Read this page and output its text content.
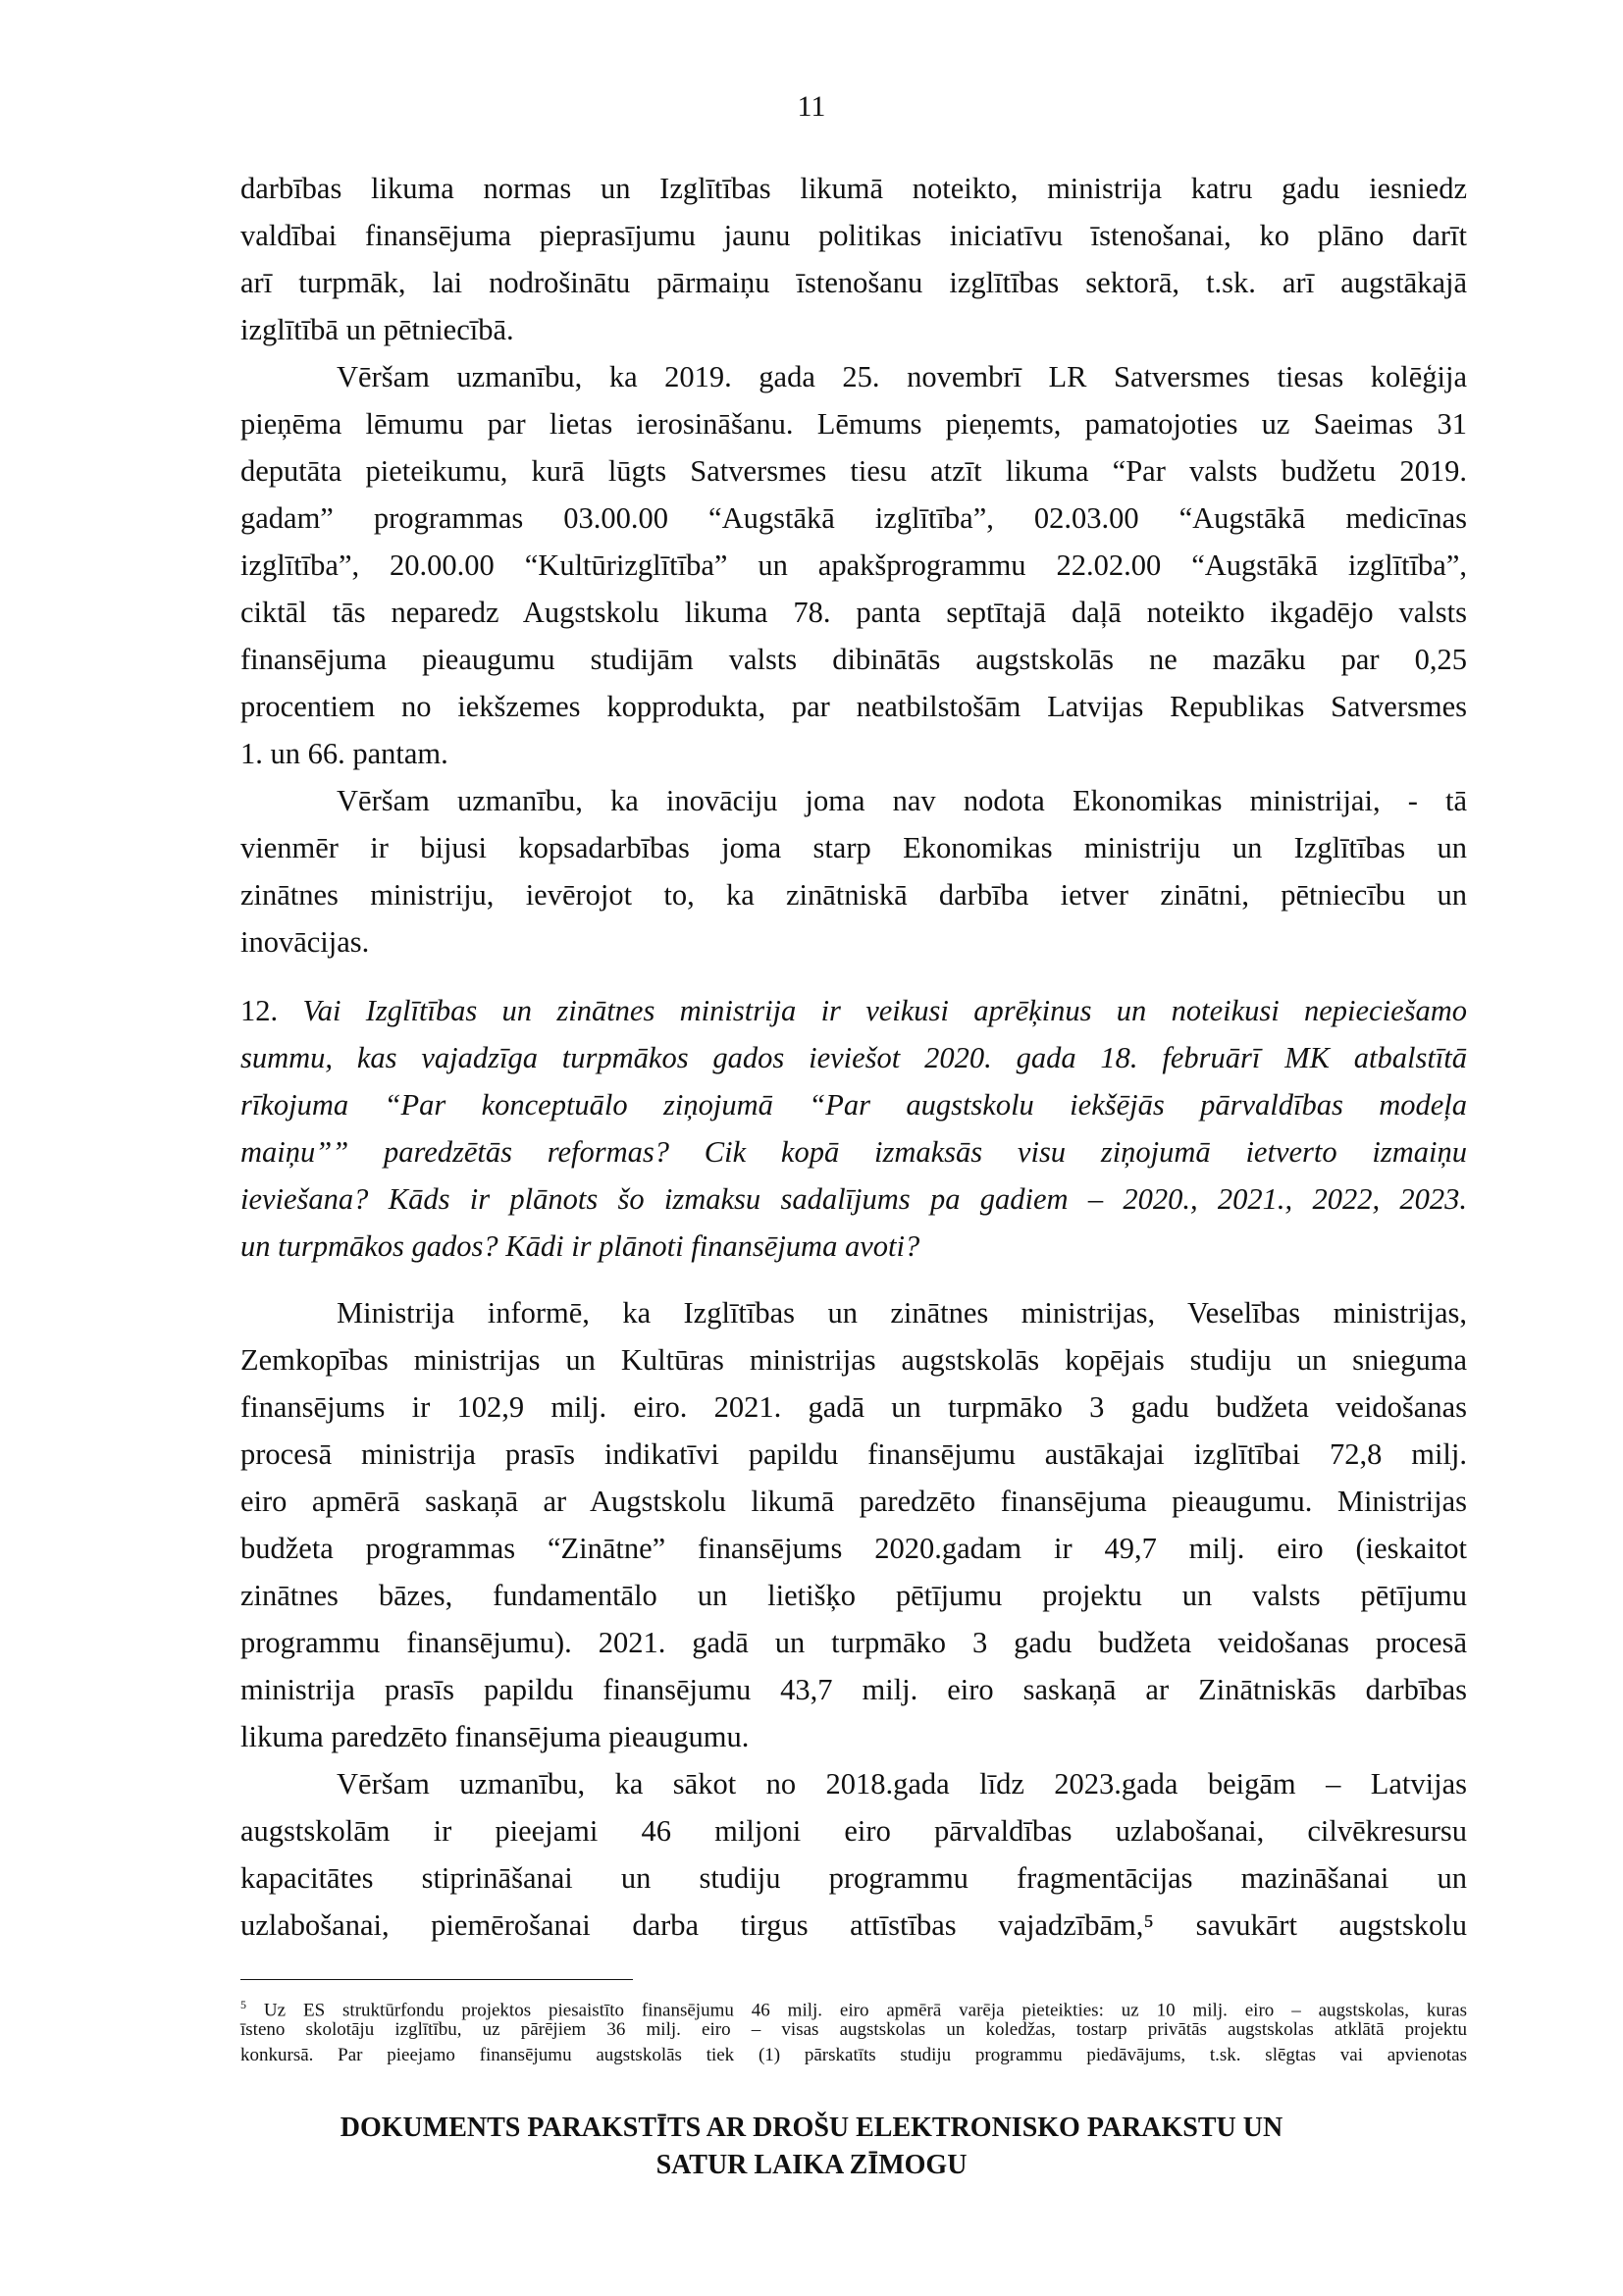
11
darbības likuma normas un Izglītības likumā noteikto, ministrija katru gadu iesniedz
valdībai finansējuma pieprasījumu jaunu politikas iniciatīvu īstenošanai, ko plāno darīt
arī turpmāk, lai nodrošinātu pārmaiņu īstenošanu izglītības sektorā, t.sk. arī augstākajā
izglītībā un pētniecībā.
Vēršam uzmanību, ka 2019. gada 25. novembrī LR Satversmes tiesas kolēģija
pieņēma lēmumu par lietas ierosināšanu. Lēmums pieņemts, pamatojoties uz Saeimas 31
deputāta pieteikumu, kurā lūgts Satversmes tiesu atzīt likuma “Par valsts budžetu 2019.
gadam” programmas 03.00.00 “Augstākā izglītība”, 02.03.00 “Augstākā medicīnas
izglītība”, 20.00.00 “Kultūrizglītība” un apakšprogrammu 22.02.00 “Augstākā izglītība”,
ciktāl tās neparedz Augstskolu likuma 78. panta septītajā daļā noteikto ikgadējo valsts
finansējuma pieaugumu studijām valsts dibinātās augstskolās ne mazāku par 0,25
procentiem no iekšzemes kopprodukta, par neatbilstošām Latvijas Republikas Satversmes
1. un 66. pantam.
Vēršam uzmanību, ka inovāciju joma nav nodota Ekonomikas ministrijai, - tā
vienmēr ir bijusi kopsadarbības joma starp Ekonomikas ministriju un Izglītības un
zinātnes ministriju, ievērojot to, ka zinātniskā darbība ietver zinātni, pētniecību un
inovācijas.
12. Vai Izglītības un zinātnes ministrija ir veikusi aprēķinus un noteikusi nepieciešamo
summu, kas vajadzīga turpmākos gados ieviešot 2020. gada 18. februārī MK atbalstītā
rīkojuma “Par konceptuālo ziņojumā “Par augstskolu iekšējās pārvaldības modeļa
maiņu”” paredzētās reformas? Cik kopā izmaksās visu ziņojumā ietverto izmaiņu
ieviešana? Kāds ir plānots šo izmaksu sadalījums pa gadiem – 2020., 2021., 2022, 2023.
un turpmākos gados? Kādi ir plānoti finansējuma avoti?
Ministrija informē, ka Izglītības un zinātnes ministrijas, Veselības ministrijas,
Zemkopības ministrijas un Kultūras ministrijas augstskolās kopējais studiju un snieguma
finansējums ir 102,9 milj. eiro. 2021. gadā un turpmāko 3 gadu budžeta veidošanas
procesā ministrija prasīs indikatīvi papildu finansējumu austākajai izglītībai 72,8 milj.
eiro apmērā saskaņā ar Augstskolu likumā paredzēto finansējuma pieaugumu. Ministrijas
budžeta programmas “Zinātne” finansējums 2020.gadam ir 49,7 milj. eiro (ieskaitot
zinātnes bāzes, fundamentālo un lietišķo pētījumu projektu un valsts pētījumu
programmu finansējumu). 2021. gadā un turpmāko 3 gadu budžeta veidošanas procesā
ministrija prasīs papildu finansējumu 43,7 milj. eiro saskaņā ar Zinātniskās darbības
likuma paredzēto finansējuma pieaugumu.
Vēršam uzmanību, ka sākot no 2018.gada līdz 2023.gada beigām – Latvijas
augstskolām ir pieejami 46 miljoni eiro pārvaldības uzlabošanai, cilvēkresursu
kapacitātes stiprināšanai un studiju programmu fragmentācijas mazināšanai un
uzlabošanai, piemērošanai darba tirgus attīstības vajadzībām,⁵ savukārt augstskolu
$^5$ Uz ES struktūrfondu projektos piesaistīto finansējumu 46 milj. eiro apmērā varēja pieteikties: uz 10 milj. eiro – augstskolas, kuras
īsteno skolotāju izglītību, uz pārējiem 36 milj. eiro – visas augstskolas un koledžas, tostarp privātās augstskolas atklātā projektu
konkursā. Par pieejamo finansējumu augstskolās tiek (1) pārskatīts studiju programmu piedāvājums, t.sk. slēgtas vai apvienotas
DOKUMENTS PARAKSTĪTS AR DROŠU ELEKTRONISKO PARAKSTU UN
SATUR LAIKA ZĪMOGU
